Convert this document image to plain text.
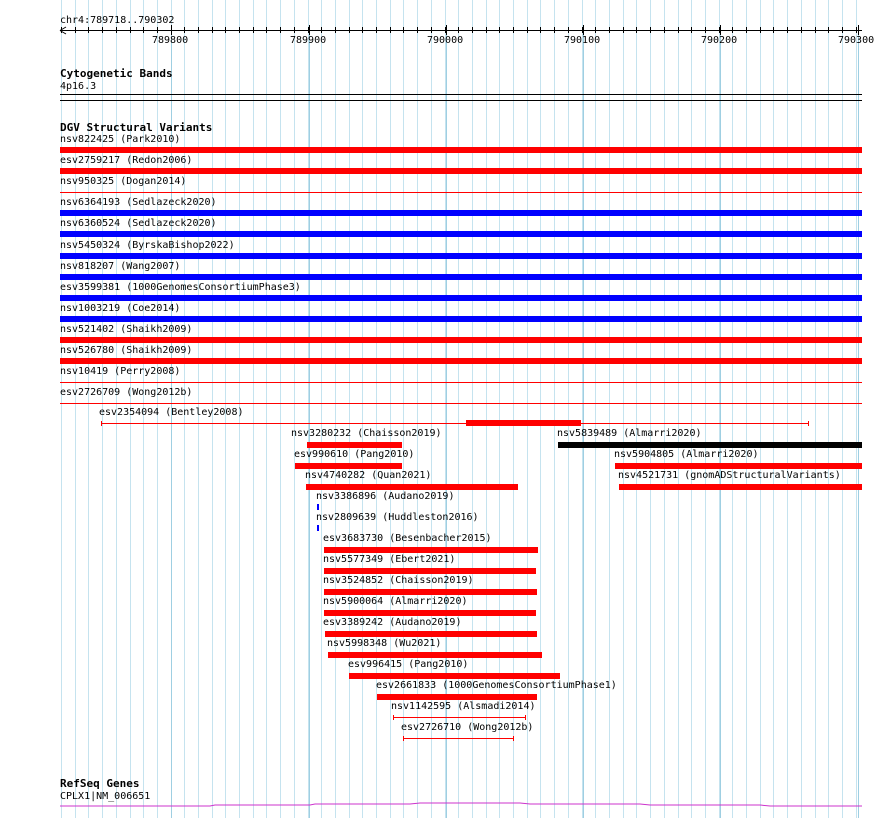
chr4:789718..790302
789800	789900	790000	790100	790200	790300
Cytogenetic Bands
4p16.3
DGV Structural Variants
nsv822425 (Park2010)
esv2759217 (Redon2006)
nsv950325 (Dogan2014)
nsv6364193 (Sedlazeck2020)
nsv6360524 (Sedlazeck2020)
nsv5450324 (ByrskaBishop2022)
nsv818207 (Wang2007)
esv3599381 (1000GenomesConsortiumPhase3)
nsv1003219 (Coe2014)
nsv521402 (Shaikh2009)
nsv526780 (Shaikh2009)
nsv10419 (Perry2008)
esv2726709 (Wong2012b)
esv2354094 (Bentley2008)
nsv3280232 (Chaisson2019)	nsv5839489 (Almarri2020)
esv990610 (Pang2010)	nsv5904805 (Almarri2020)
nsv4740282 (Quan2021)	nsv4521731 (gnomADStructuralVariants)
nsv3386896 (Audano2019)
nsv2809639 (Huddleston2016)
esv3683730 (Besenbacher2015)
nsv5577349 (Ebert2021)
nsv3524852 (Chaisson2019)
nsv5900064 (Almarri2020)
esv3389242 (Audano2019)
nsv5998348 (Wu2021)
esv996415 (Pang2010)
esv2661833 (1000GenomesConsortiumPhase1)
nsv1142595 (Alsmadi2014)
esv2726710 (Wong2012b)
RefSeq Genes
CPLX1|NM_006651
